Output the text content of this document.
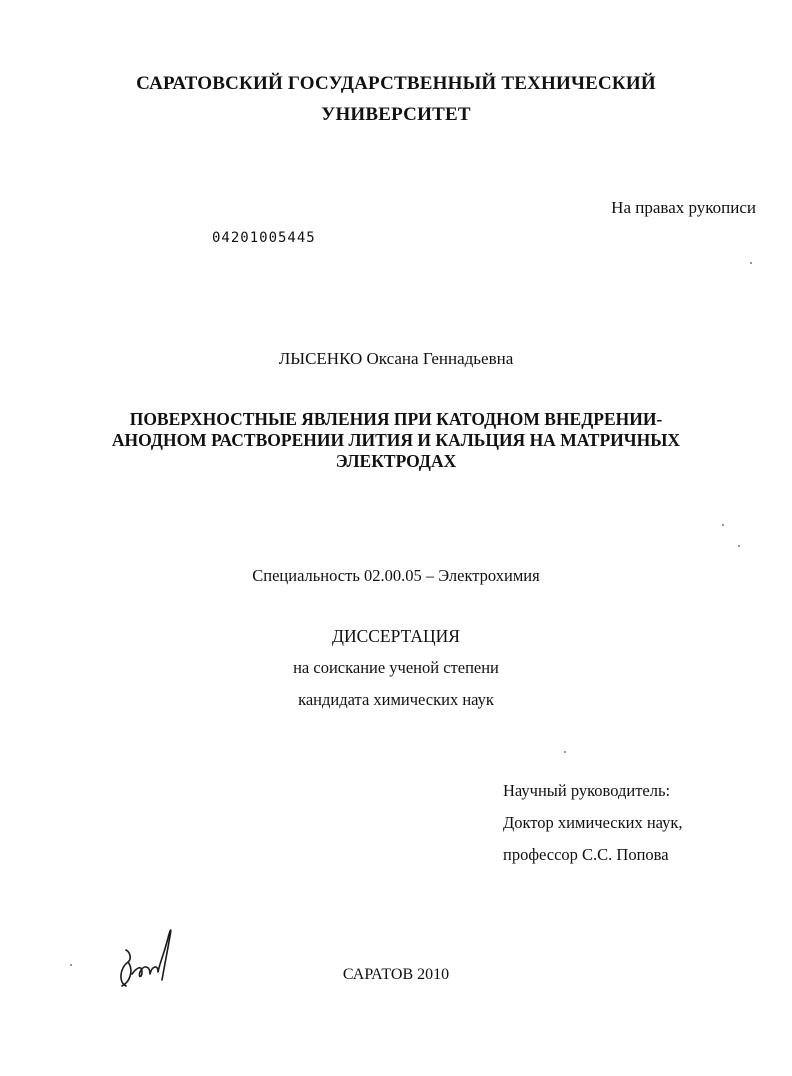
САРАТОВСКИЙ ГОСУДАРСТВЕННЫЙ ТЕХНИЧЕСКИЙ

УНИВЕРСИТЕТ

На правах рукописи

04201005445

ЛЫСЕНКО Оксана Геннадьевна

ПОВЕРХНОСТНЫЕ ЯВЛЕНИЯ ПРИ КАТОДНОМ ВНЕДРЕНИИ-
АНОДНОМ РАСТВОРЕНИИ ЛИТИЯ И КАЛЬЦИЯ НА МАТРИЧНЫХ
ЭЛЕКТРОДАХ

Специальность 02.00.05 – Электрохимия

ДИССЕРТАЦИЯ

на соискание ученой степени

кандидата химических наук

Научный руководитель:

Доктор химических наук,

профессор С.С. Попова

САРАТОВ 2010
